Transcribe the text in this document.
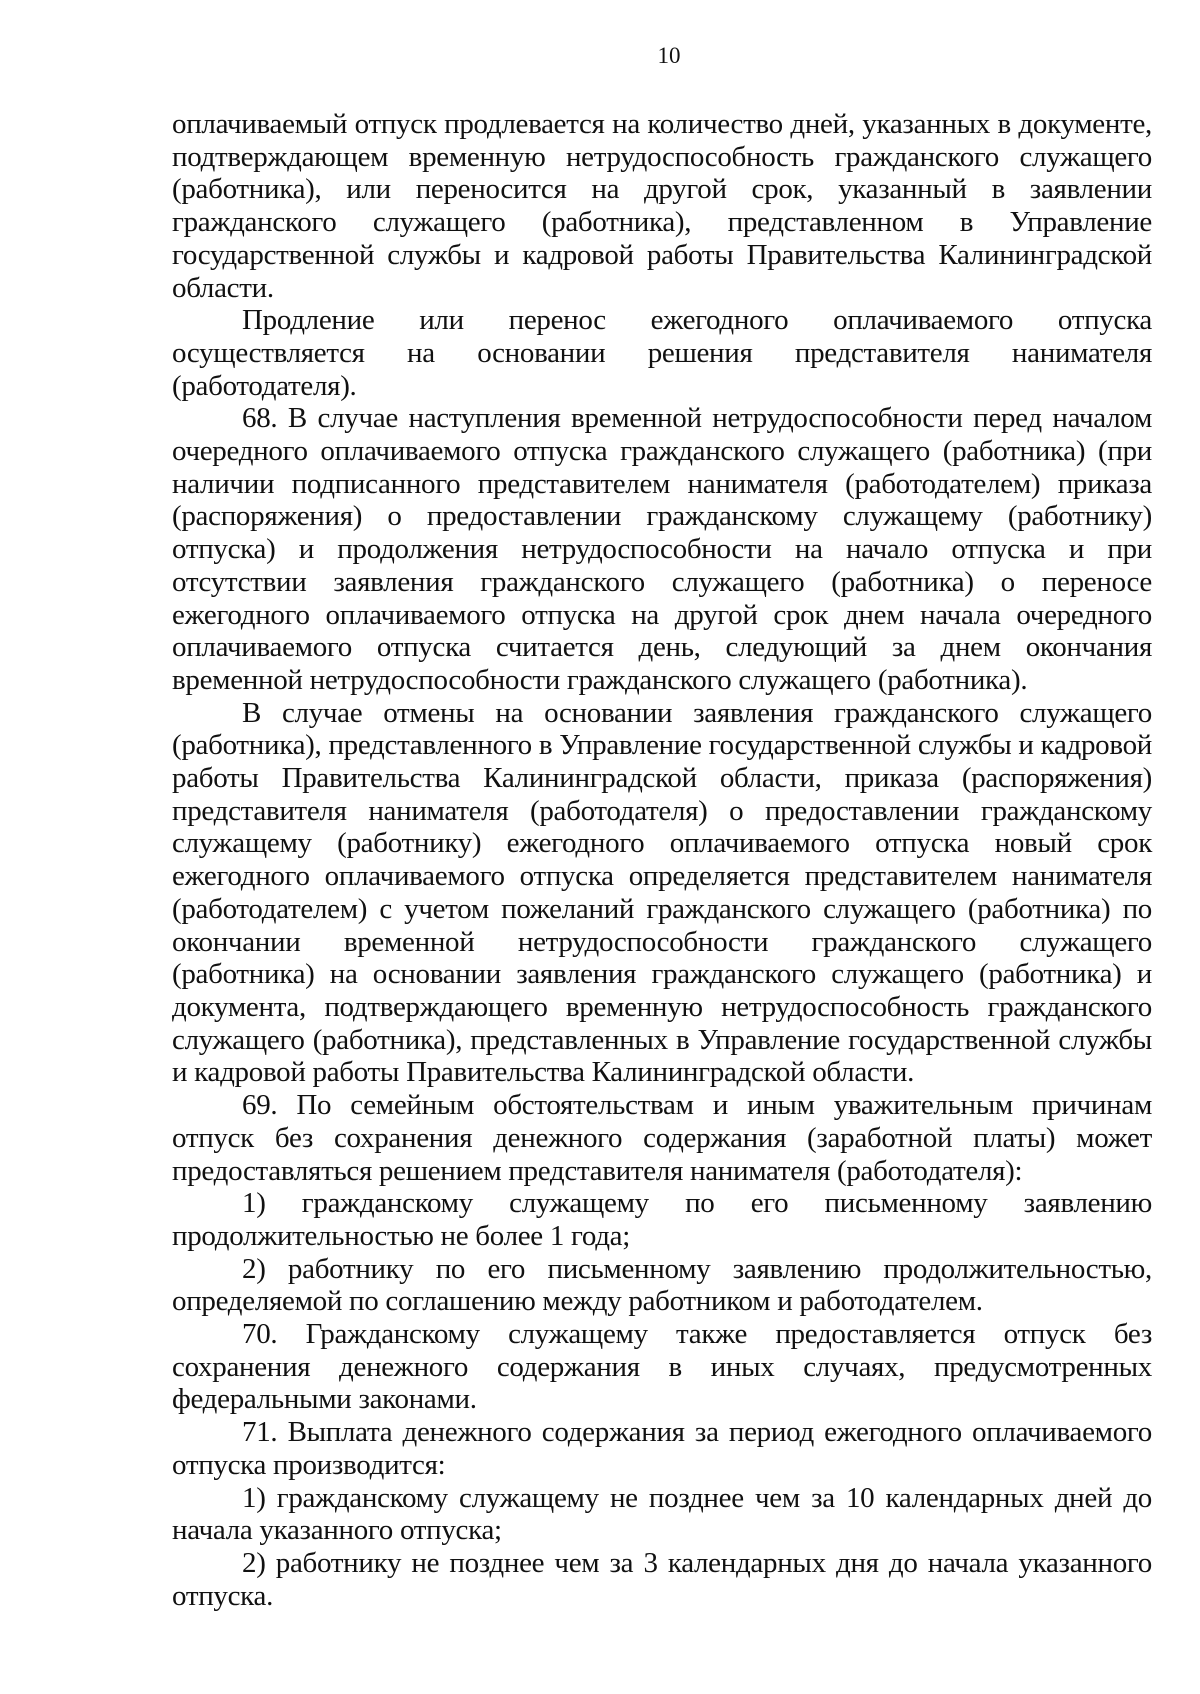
10

оплачиваемый отпуск продлевается на количество дней, указанных в документе, подтверждающем временную нетрудоспособность гражданского служащего (работника), или переносится на другой срок, указанный в заявлении гражданского служащего (работника), представленном в Управление государственной службы и кадровой работы Правительства Калининградской области.

Продление или перенос ежегодного оплачиваемого отпуска осуществляется на основании решения представителя нанимателя (работодателя).

68. В случае наступления временной нетрудоспособности перед началом очередного оплачиваемого отпуска гражданского служащего (работника) (при наличии подписанного представителем нанимателя (работодателем) приказа (распоряжения) о предоставлении гражданскому служащему (работнику) отпуска) и продолжения нетрудоспособности на начало отпуска и при отсутствии заявления гражданского служащего (работника) о переносе ежегодного оплачиваемого отпуска на другой срок днем начала очередного оплачиваемого отпуска считается день, следующий за днем окончания временной нетрудоспособности гражданского служащего (работника).

В случае отмены на основании заявления гражданского служащего (работника), представленного в Управление государственной службы и кадровой работы Правительства Калининградской области, приказа (распоряжения) представителя нанимателя (работодателя) о предоставлении гражданскому служащему (работнику) ежегодного оплачиваемого отпуска новый срок ежегодного оплачиваемого отпуска определяется представителем нанимателя (работодателем) с учетом пожеланий гражданского служащего (работника) по окончании временной нетрудоспособности гражданского служащего (работника) на основании заявления гражданского служащего (работника) и документа, подтверждающего временную нетрудоспособность гражданского служащего (работника), представленных в Управление государственной службы и кадровой работы Правительства Калининградской области.

69. По семейным обстоятельствам и иным уважительным причинам отпуск без сохранения денежного содержания (заработной платы) может предоставляться решением представителя нанимателя (работодателя):

1) гражданскому служащему по его письменному заявлению продолжительностью не более 1 года;

2) работнику по его письменному заявлению продолжительностью, определяемой по соглашению между работником и работодателем.

70. Гражданскому служащему также предоставляется отпуск без сохранения денежного содержания в иных случаях, предусмотренных федеральными законами.

71. Выплата денежного содержания за период ежегодного оплачиваемого отпуска производится:

1) гражданскому служащему не позднее чем за 10 календарных дней до начала указанного отпуска;

2) работнику не позднее чем за 3 календарных дня до начала указанного отпуска.
